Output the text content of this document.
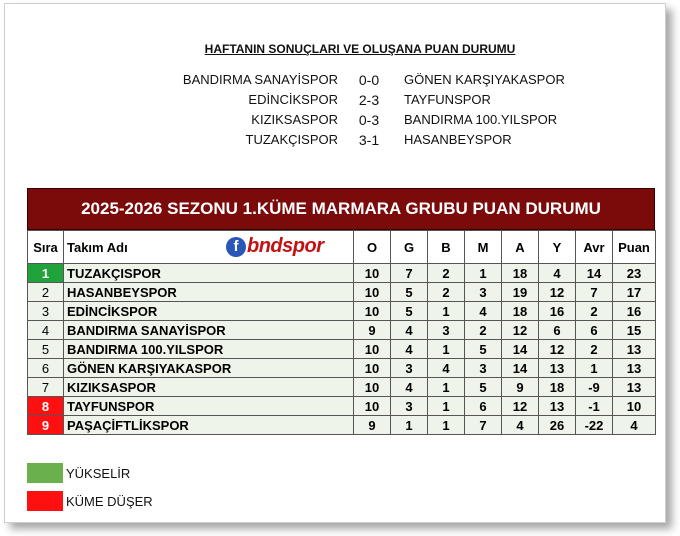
HAFTANIN SONUÇLARI VE OLUŞANA PUAN DURUMU
BANDIRMA SANAYİSPOR	0-0	GÖNEN KARŞIYAKASPOR
EDİNCİKSPOR	2-3	TAYFUNSPOR
KIZIKSASPOR	0-3	BANDIRMA 100.YILSPOR
TUZAKÇISPOR	3-1	HASANBEYSPOR
2025-2026 SEZONU 1.KÜME MARMARA GRUBU PUAN DURUMU
Sıra	Takım Adı f bndspor	O	G	B	M	A	Y	Avr	Puan
1	TUZAKÇISPOR	10	7	2	1	18	4	14	23
2	HASANBEYSPOR	10	5	2	3	19	12	7	17
3	EDİNCİKSPOR	10	5	1	4	18	16	2	16
4	BANDIRMA SANAYİSPOR	9	4	3	2	12	6	6	15
5	BANDIRMA 100.YILSPOR	10	4	1	5	14	12	2	13
6	GÖNEN KARŞIYAKASPOR	10	3	4	3	14	13	1	13
7	KIZIKSASPOR	10	4	1	5	9	18	-9	13
8	TAYFUNSPOR	10	3	1	6	12	13	-1	10
9	PAŞAÇİFTLİKSPOR	9	1	1	7	4	26	-22	4
YÜKSELİR
KÜME DÜŞER
